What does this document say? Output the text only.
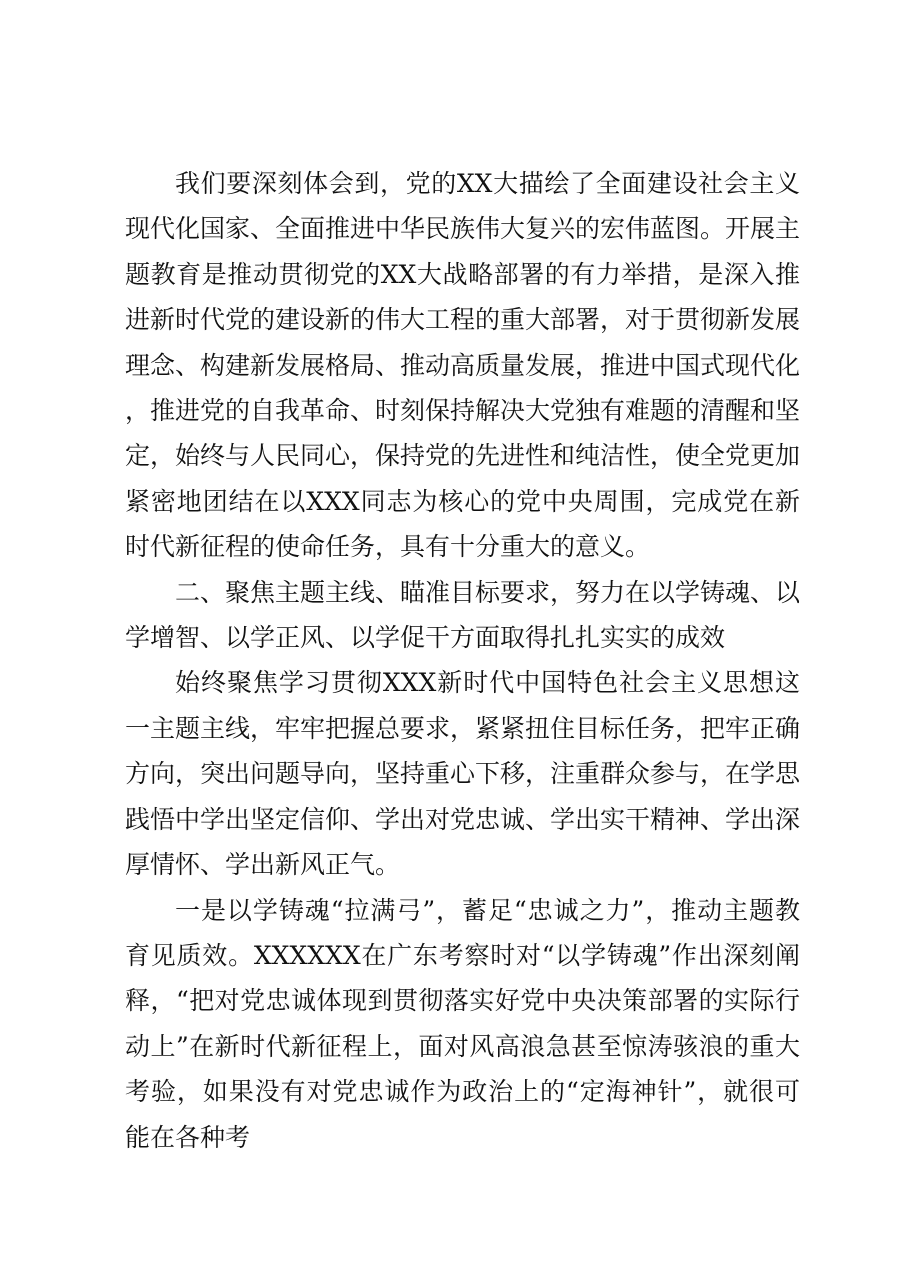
我们要深刻体会到，党的XX大描绘了全面建设社会主义现代化国家、全面推进中华民族伟大复兴的宏伟蓝图。开展主题教育是推动贯彻党的XX大战略部署的有力举措，是深入推进新时代党的建设新的伟大工程的重大部署，对于贯彻新发展理念、构建新发展格局、推动高质量发展，推进中国式现代化，推进党的自我革命、时刻保持解决大党独有难题的清醒和坚定，始终与人民同心，保持党的先进性和纯洁性，使全党更加紧密地团结在以XXX同志为核心的党中央周围，完成党在新时代新征程的使命任务，具有十分重大的意义。

二、聚焦主题主线、瞄准目标要求，努力在以学铸魂、以学增智、以学正风、以学促干方面取得扎扎实实的成效

始终聚焦学习贯彻XXX新时代中国特色社会主义思想这一主题主线，牢牢把握总要求，紧紧扭住目标任务，把牢正确方向，突出问题导向，坚持重心下移，注重群众参与，在学思践悟中学出坚定信仰、学出对党忠诚、学出实干精神、学出深厚情怀、学出新风正气。

一是以学铸魂“拉满弓”，蓄足“忠诚之力”，推动主题教育见质效。XXXXXX在广东考察时对“以学铸魂”作出深刻阐释，“把对党忠诚体现到贯彻落实好党中央决策部署的实际行动上”在新时代新征程上，面对风高浪急甚至惊涛骇浪的重大考验，如果没有对党忠诚作为政治上的“定海神针”，就很可能在各种考
